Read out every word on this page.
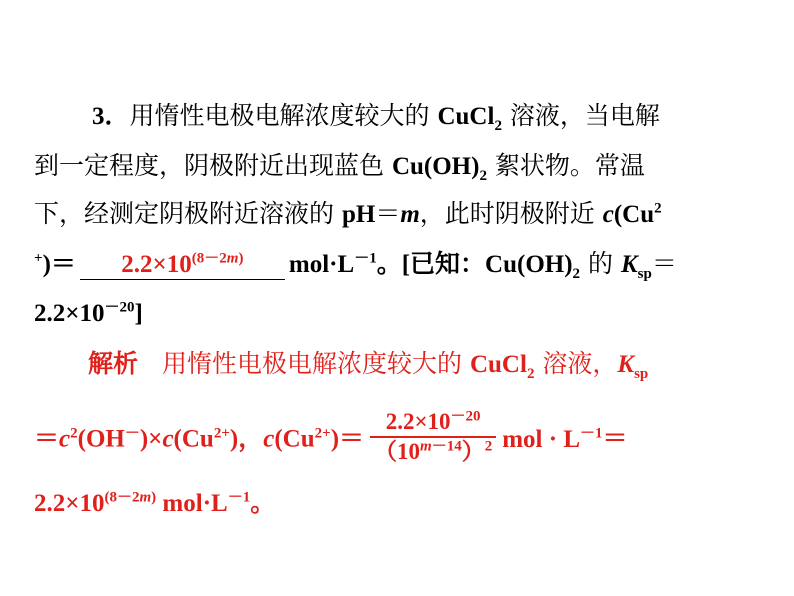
3．用惰性电极电解浓度较大的 CuCl$_2$ 溶液，当电解
到一定程度，阴极附近出现蓝色 $Cu(OH)_2$ 絮状物。常温
下，经测定阴极附近溶液的 pH＝m，此时阴极附近 c(Cu$^2$
$^+)= 2.2\times 10^{(8-2m)}$ $mol\cdot L^{-1}$。[已知：$Cu(OH)_2$ 的 $K_{sp}=$
$2.2\times 10^{-20}$]
解析 用惰性电极电解浓度较大的 CuCl$_2$ 溶液，$K_{sp}$
$=c^2(OH^-)\times c(Cu^{2+})$，$c(Cu^{2+})= \frac{2.2\times 10^{-20}}{(10^{m-14})^2}$ mol · $L^{-1}=$
$2.2\times 10^{(8-2m)}$ $mol\cdot L^{-1}$。
